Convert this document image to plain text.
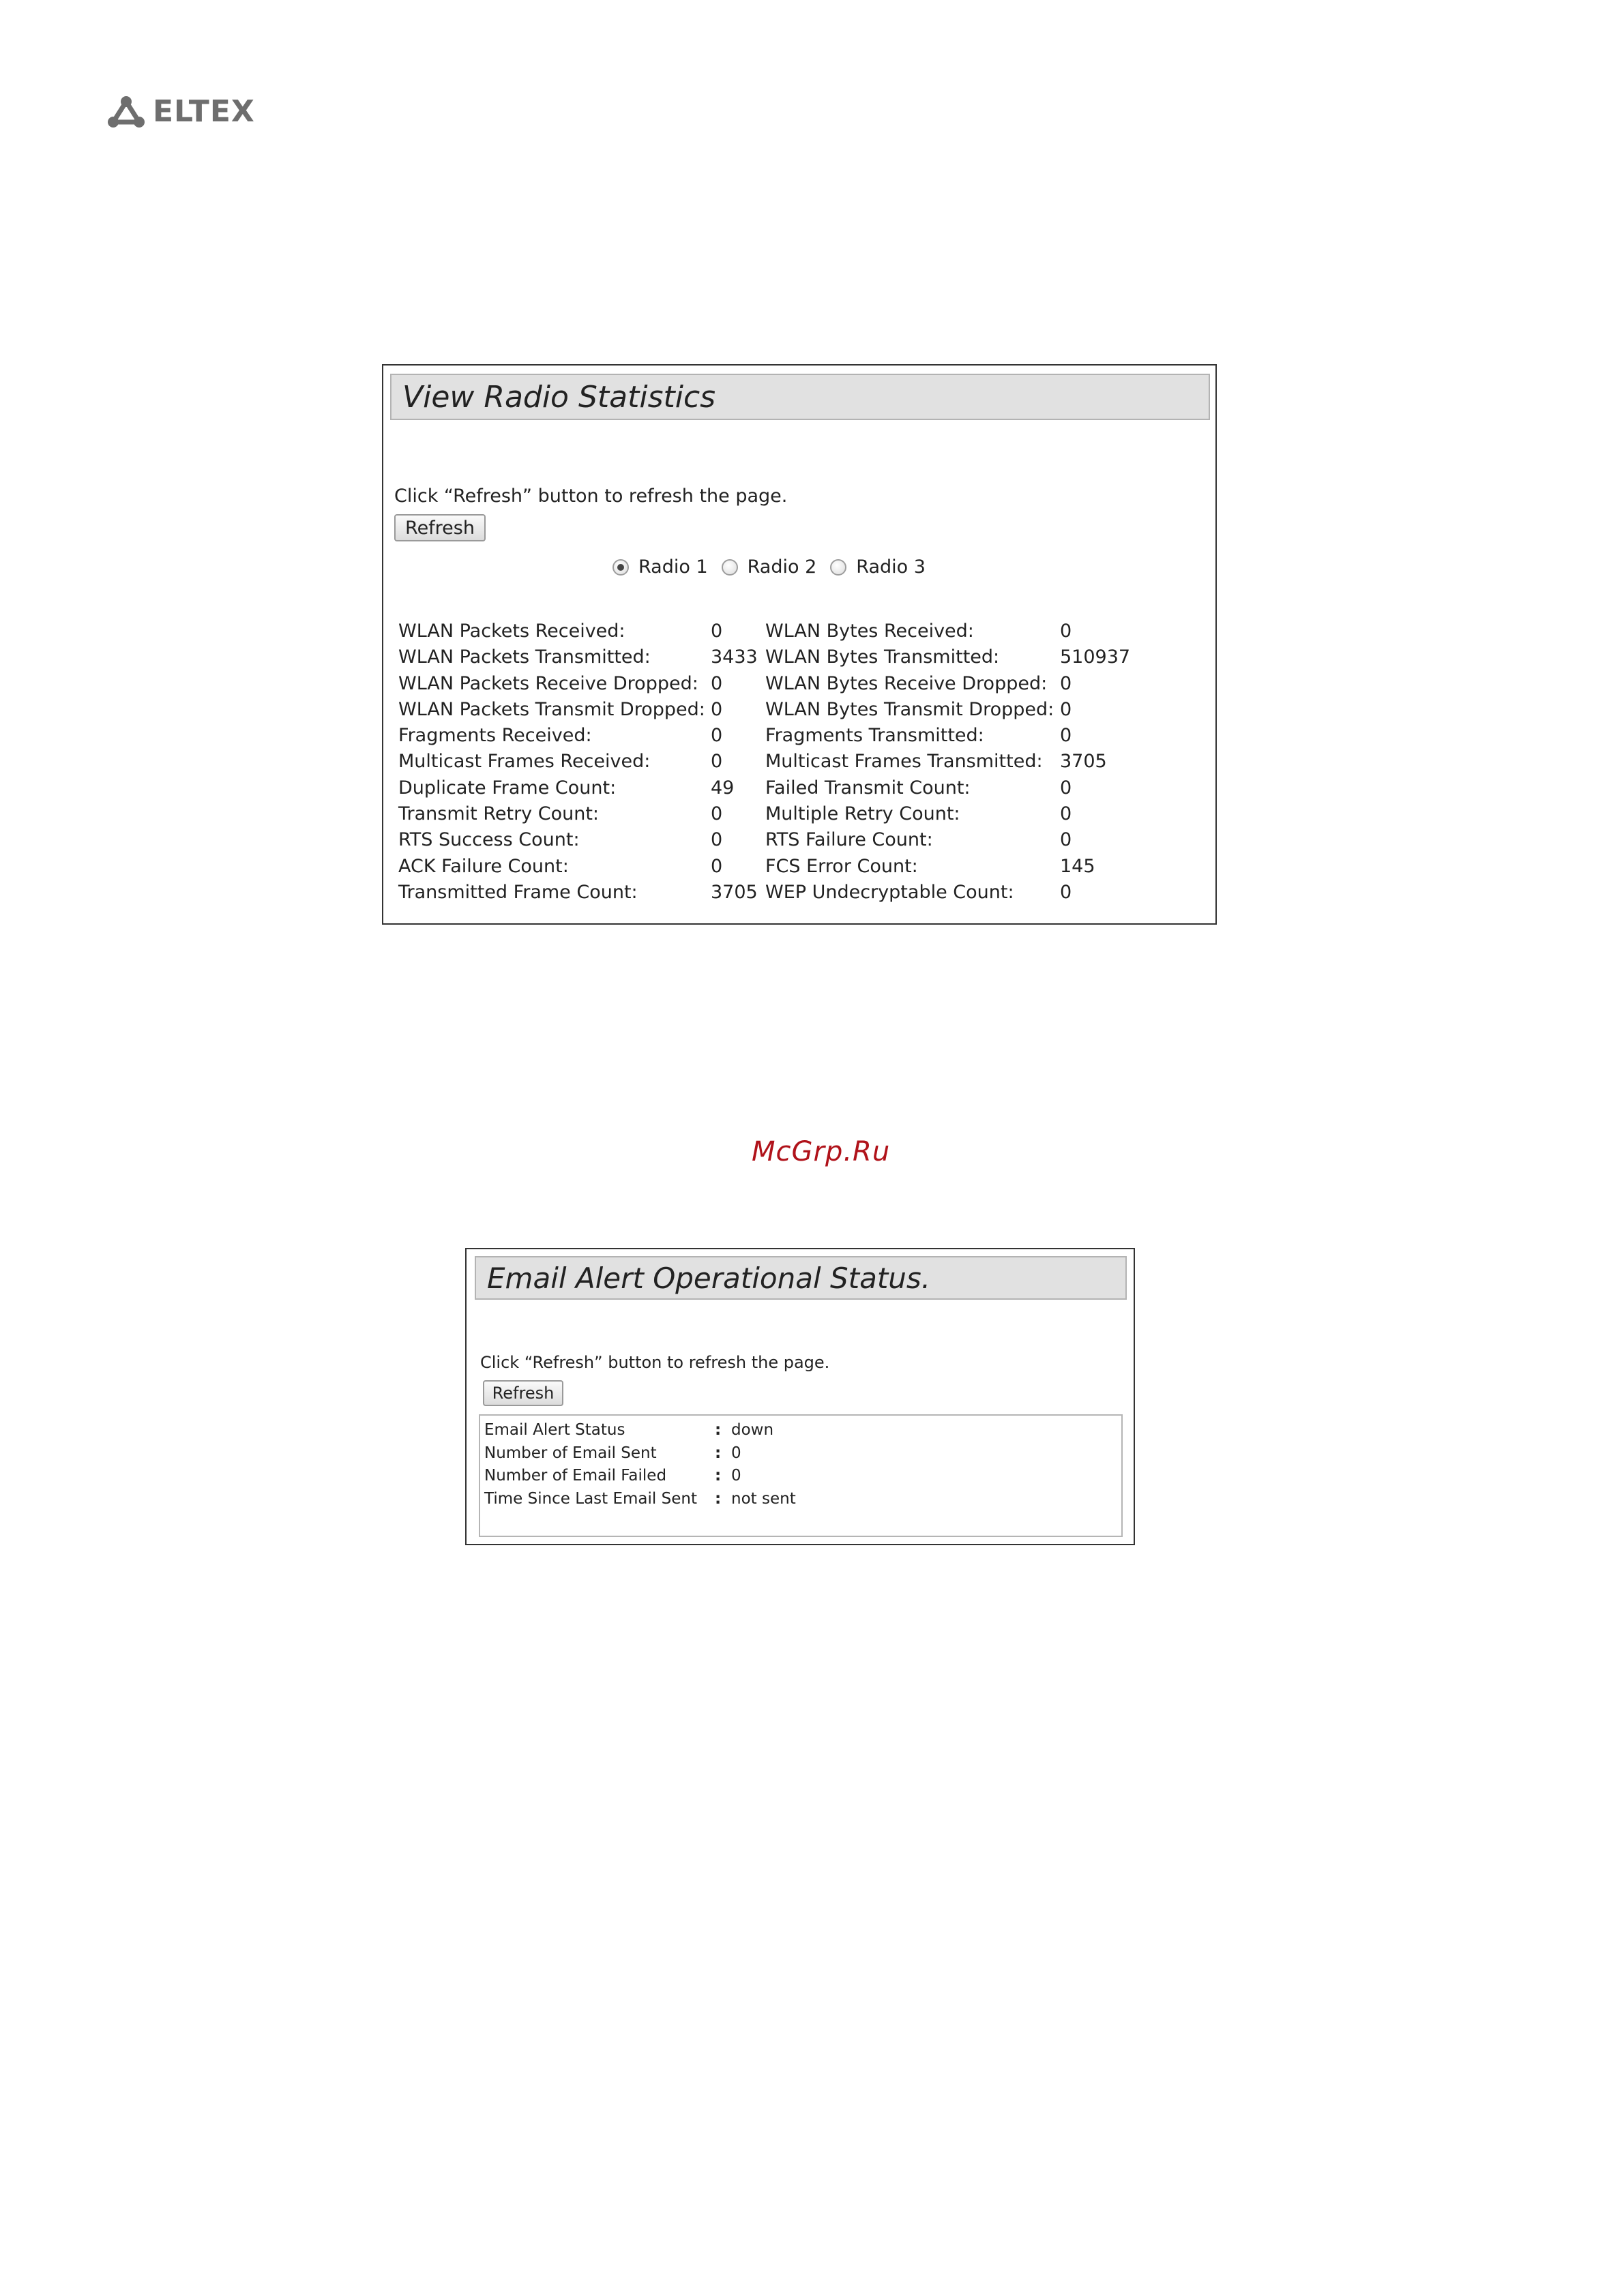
ELTEX
View Radio Statistics
Click “Refresh” button to refresh the page.
Refresh
Radio 1 Radio 2 Radio 3
WLAN Packets Received:	0 WLAN Bytes Received:	0
WLAN Packets Transmitted:	3433 WLAN Bytes Transmitted:	510937
WLAN Packets Receive Dropped: 0 WLAN Bytes Receive Dropped: 0
WLAN Packets Transmit Dropped: 0 WLAN Bytes Transmit Dropped: 0
Fragments Received:	0 Fragments Transmitted:	0
Multicast Frames Received:	0 Multicast Frames Transmitted: 3705
Duplicate Frame Count:	49 Failed Transmit Count:	0
Transmit Retry Count:	0 Multiple Retry Count:	0
RTS Success Count:	0 RTS Failure Count:	0
ACK Failure Count:	0 FCS Error Count:	145
Transmitted Frame Count:	3705 WEP Undecryptable Count: 0
McGrp.Ru
Email Alert Operational Status.
Click “Refresh” button to refresh the page.
Refresh
Email Alert Status	: down
Number of Email Sent	: 0
Number of Email Failed	: 0
Time Since Last Email Sent : not sent
